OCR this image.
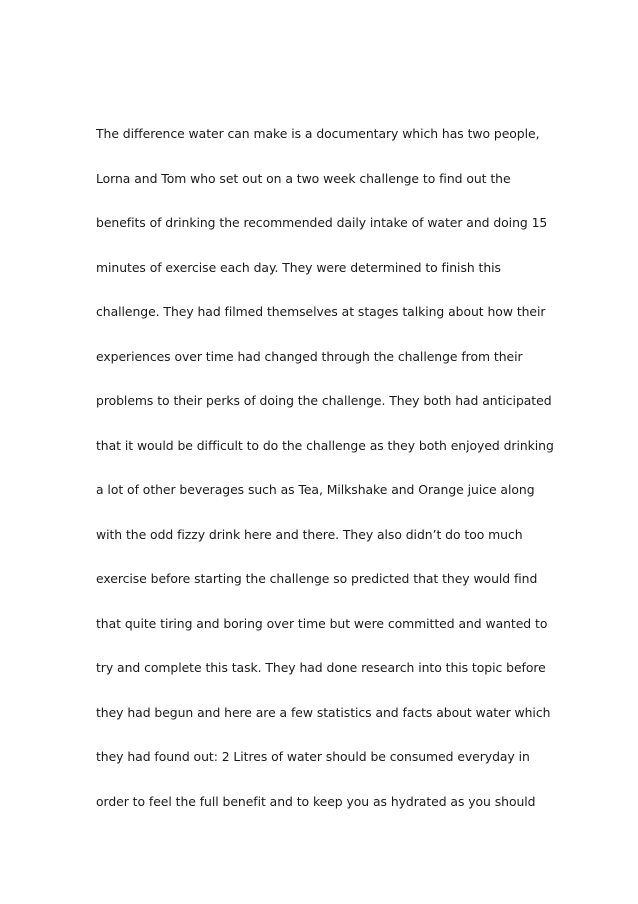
The difference water can make is a documentary which has two people,
Lorna and Tom who set out on a two week challenge to find out the
benefits of drinking the recommended daily intake of water and doing 15
minutes of exercise each day. They were determined to finish this
challenge. They had filmed themselves at stages talking about how their
experiences over time had changed through the challenge from their
problems to their perks of doing the challenge. They both had anticipated
that it would be difficult to do the challenge as they both enjoyed drinking
a lot of other beverages such as Tea, Milkshake and Orange juice along
with the odd fizzy drink here and there. They also didn’t do too much
exercise before starting the challenge so predicted that they would find
that quite tiring and boring over time but were committed and wanted to
try and complete this task. They had done research into this topic before
they had begun and here are a few statistics and facts about water which
they had found out: 2 Litres of water should be consumed everyday in
order to feel the full benefit and to keep you as hydrated as you should
